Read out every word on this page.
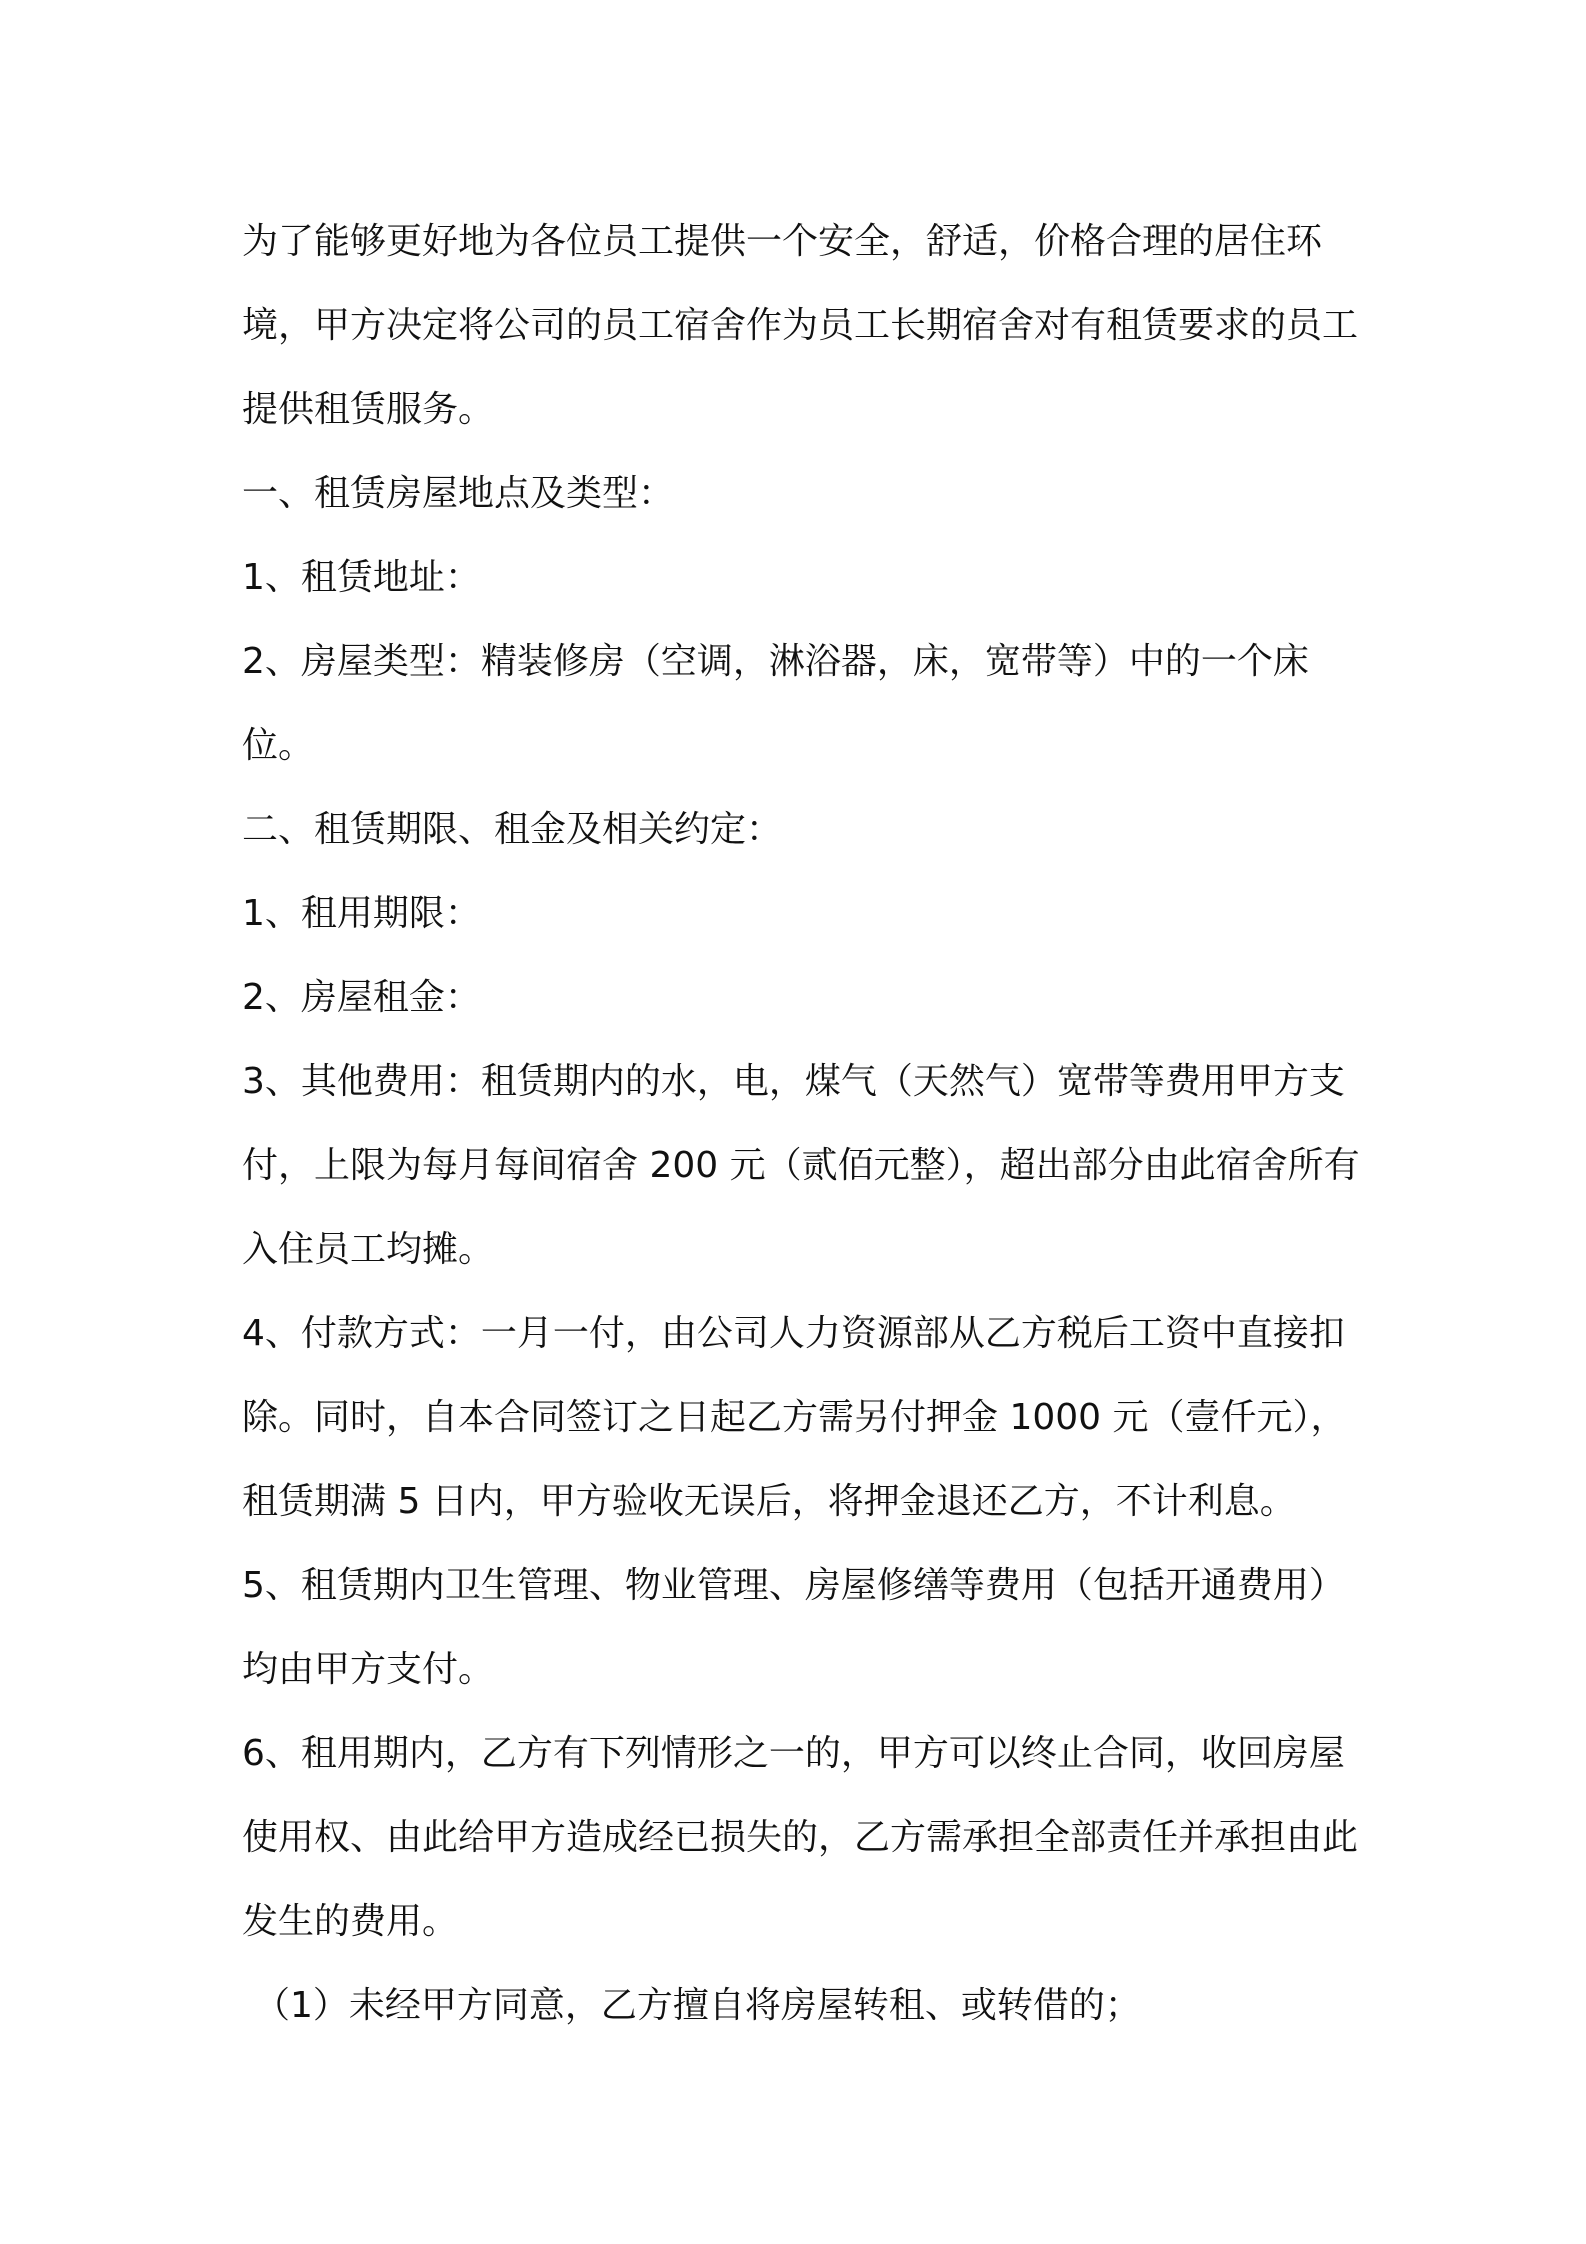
为了能够更好地为各位员工提供一个安全，舒适，价格合理的居住环境，甲方决定将公司的员工宿舍作为员工长期宿舍对有租赁要求的员工提供租赁服务。

一、租赁房屋地点及类型：

1、租赁地址：

2、房屋类型：精装修房（空调，淋浴器，床，宽带等）中的一个床位。

二、租赁期限、租金及相关约定：

1、租用期限：

2、房屋租金：

3、其他费用：租赁期内的水，电，煤气（天然气）宽带等费用甲方支付，上限为每月每间宿舍 200 元（贰佰元整），超出部分由此宿舍所有入住员工均摊。

4、付款方式：一月一付，由公司人力资源部从乙方税后工资中直接扣除。同时，自本合同签订之日起乙方需另付押金 1000 元（壹仟元），租赁期满 5 日内，甲方验收无误后，将押金退还乙方，不计利息。

5、租赁期内卫生管理、物业管理、房屋修缮等费用（包括开通费用）均由甲方支付。

6、租用期内，乙方有下列情形之一的，甲方可以终止合同，收回房屋使用权、由此给甲方造成经已损失的，乙方需承担全部责任并承担由此发生的费用。

（1）未经甲方同意，乙方擅自将房屋转租、或转借的；
